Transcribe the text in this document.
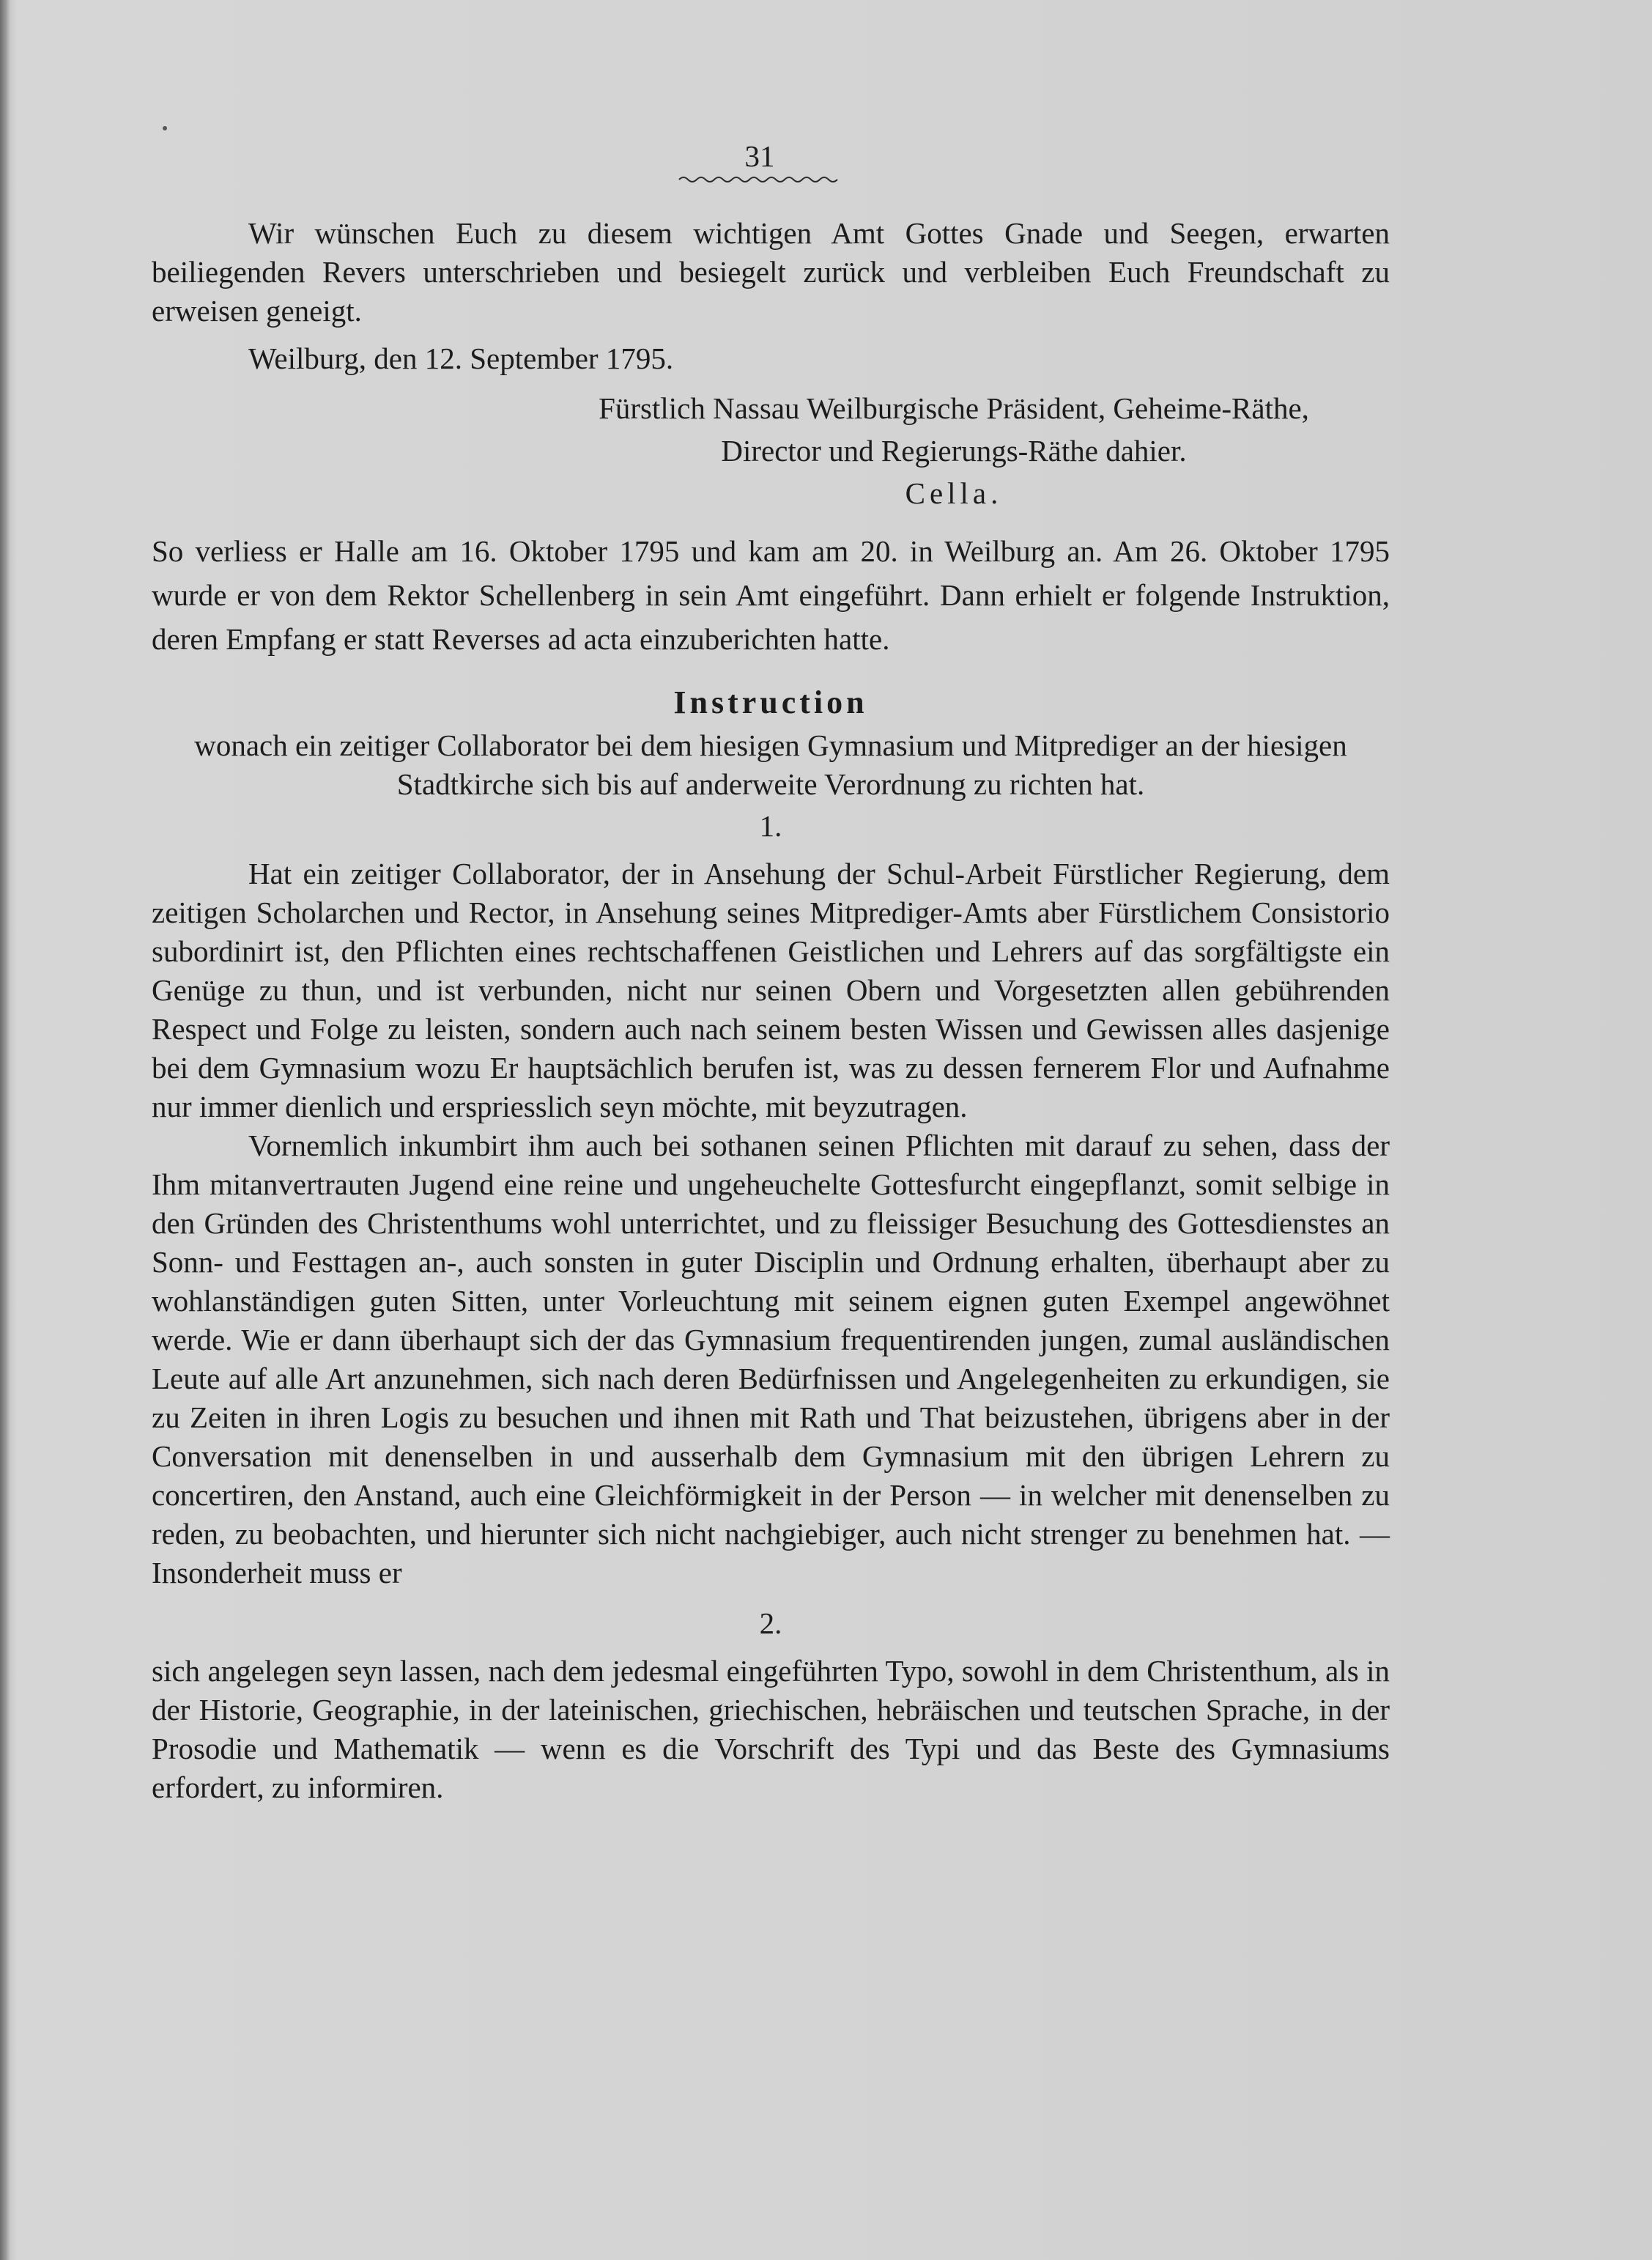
31

Wir wünschen Euch zu diesem wichtigen Amt Gottes Gnade und Seegen, erwarten beiliegenden Revers unterschrieben und besiegelt zurück und verbleiben Euch Freundschaft zu erweisen geneigt.

Weilburg, den 12. September 1795.

Fürstlich Nassau Weilburgische Präsident, Geheime-Räthe,
Director und Regierungs-Räthe dahier.
Cella.

So verliess er Halle am 16. Oktober 1795 und kam am 20. in Weilburg an. Am 26. Oktober 1795 wurde er von dem Rektor Schellenberg in sein Amt eingeführt. Dann erhielt er folgende Instruktion, deren Empfang er statt Reverses ad acta einzuberichten hatte.

Instruction
wonach ein zeitiger Collaborator bei dem hiesigen Gymnasium und Mitprediger an der hiesigen Stadtkirche sich bis auf anderweite Verordnung zu richten hat.
1.

Hat ein zeitiger Collaborator, der in Ansehung der Schul-Arbeit Fürstlicher Regierung, dem zeitigen Scholarchen und Rector, in Ansehung seines Mitprediger-Amts aber Fürstlichem Consistorio subordinirt ist, den Pflichten eines rechtschaffenen Geistlichen und Lehrers auf das sorgfältigste ein Genüge zu thun, und ist verbunden, nicht nur seinen Obern und Vorgesetzten allen gebührenden Respect und Folge zu leisten, sondern auch nach seinem besten Wissen und Gewissen alles dasjenige bei dem Gymnasium wozu Er hauptsächlich berufen ist, was zu dessen fernerem Flor und Aufnahme nur immer dienlich und erspriesslich seyn möchte, mit beyzutragen.

Vornemlich inkumbirt ihm auch bei sothanen seinen Pflichten mit darauf zu sehen, dass der Ihm mitanvertrauten Jugend eine reine und ungeheuchelte Gottesfurcht eingepflanzt, somit selbige in den Gründen des Christenthums wohl unterrichtet, und zu fleissiger Besuchung des Gottesdienstes an Sonn- und Festtagen an-, auch sonsten in guter Disciplin und Ordnung erhalten, überhaupt aber zu wohlanständigen guten Sitten, unter Vorleuchtung mit seinem eignen guten Exempel angewöhnet werde. Wie er dann überhaupt sich der das Gymnasium frequentirenden jungen, zumal ausländischen Leute auf alle Art anzunehmen, sich nach deren Bedürfnissen und Angelegenheiten zu erkundigen, sie zu Zeiten in ihren Logis zu besuchen und ihnen mit Rath und That beizustehen, übrigens aber in der Conversation mit denenselben in und ausserhalb dem Gymnasium mit den übrigen Lehrern zu concertiren, den Anstand, auch eine Gleichförmigkeit in der Person — in welcher mit denenselben zu reden, zu beobachten, und hierunter sich nicht nachgiebiger, auch nicht strenger zu benehmen hat. — Insonderheit muss er

2.

sich angelegen seyn lassen, nach dem jedesmal eingeführten Typo, sowohl in dem Christenthum, als in der Historie, Geographie, in der lateinischen, griechischen, hebräischen und teutschen Sprache, in der Prosodie und Mathematik — wenn es die Vorschrift des Typi und das Beste des Gymnasiums erfordert, zu informiren.
